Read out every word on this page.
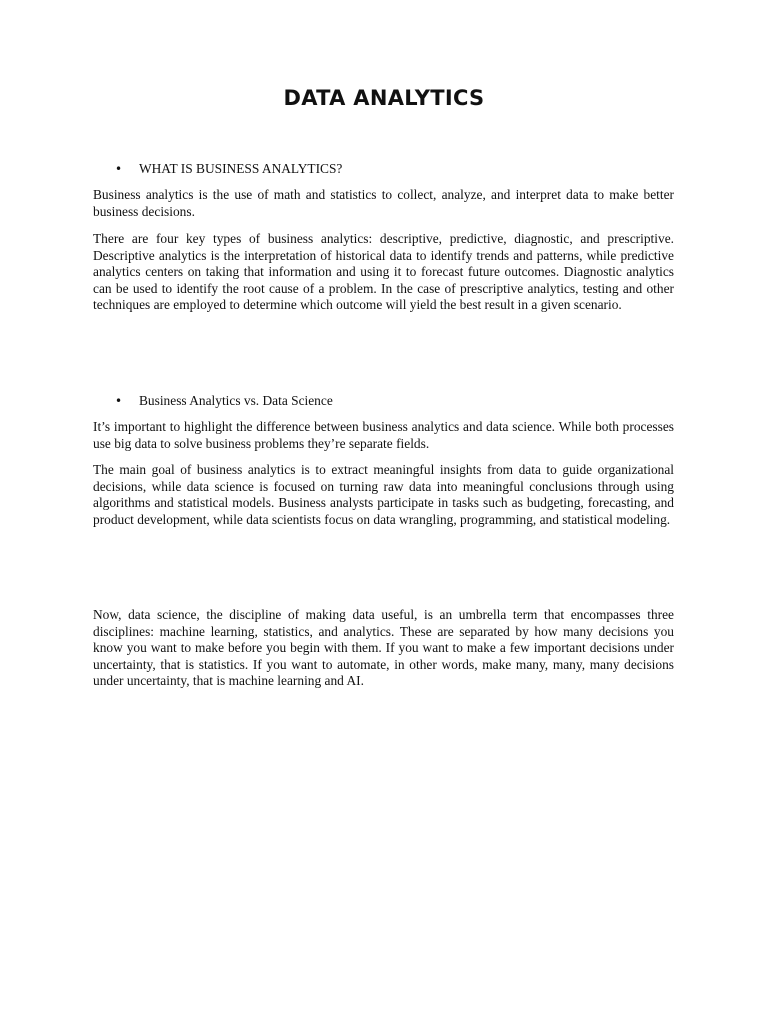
DATA ANALYTICS
• WHAT IS BUSINESS ANALYTICS?

Business analytics is the use of math and statistics to collect, analyze, and interpret data to make better business decisions.

There are four key types of business analytics: descriptive, predictive, diagnostic, and prescriptive. Descriptive analytics is the interpretation of historical data to identify trends and patterns, while predictive analytics centers on taking that information and using it to forecast future outcomes. Diagnostic analytics can be used to identify the root cause of a problem. In the case of prescriptive analytics, testing and other techniques are employed to determine which outcome will yield the best result in a given scenario.

• Business Analytics vs. Data Science

It’s important to highlight the difference between business analytics and data science. While both processes use big data to solve business problems they’re separate fields.

The main goal of business analytics is to extract meaningful insights from data to guide organizational decisions, while data science is focused on turning raw data into meaningful conclusions through using algorithms and statistical models. Business analysts participate in tasks such as budgeting, forecasting, and product development, while data scientists focus on data wrangling, programming, and statistical modeling.

Now, data science, the discipline of making data useful, is an umbrella term that encompasses three disciplines: machine learning, statistics, and analytics. These are separated by how many decisions you know you want to make before you begin with them. If you want to make a few important decisions under uncertainty, that is statistics. If you want to automate, in other words, make many, many, many decisions under uncertainty, that is machine learning and AI.
